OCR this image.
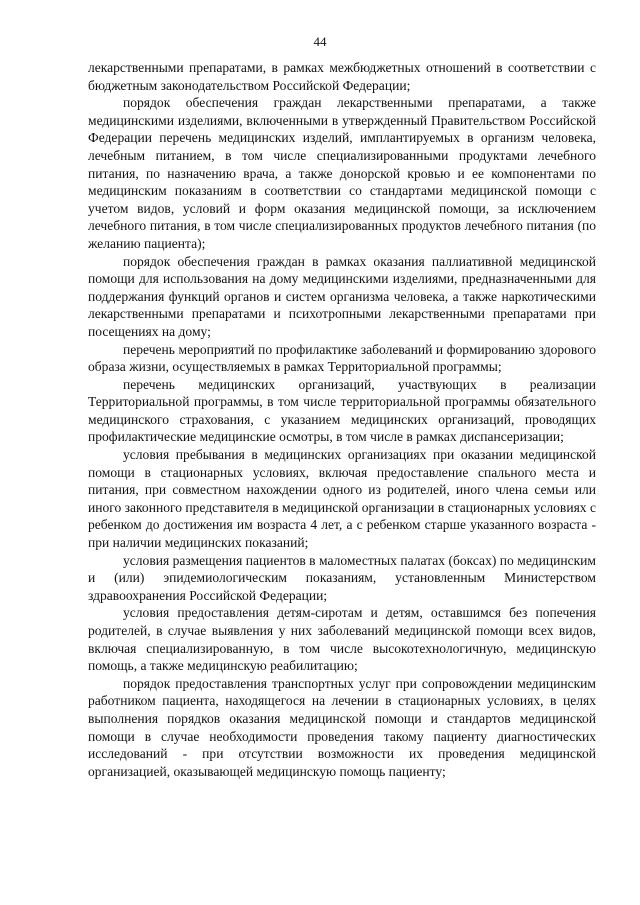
44

лекарственными препаратами, в рамках межбюджетных отношений в соответствии с бюджетным законодательством Российской Федерации;

порядок обеспечения граждан лекарственными препаратами, а также медицинскими изделиями, включенными в утвержденный Правительством Российской Федерации перечень медицинских изделий, имплантируемых в организм человека, лечебным питанием, в том числе специализированными продуктами лечебного питания, по назначению врача, а также донорской кровью и ее компонентами по медицинским показаниям в соответствии со стандартами медицинской помощи с учетом видов, условий и форм оказания медицинской помощи, за исключением лечебного питания, в том числе специализированных продуктов лечебного питания (по желанию пациента);

порядок обеспечения граждан в рамках оказания паллиативной медицинской помощи для использования на дому медицинскими изделиями, предназначенными для поддержания функций органов и систем организма человека, а также наркотическими лекарственными препаратами и психотропными лекарственными препаратами при посещениях на дому;

перечень мероприятий по профилактике заболеваний и формированию здорового образа жизни, осуществляемых в рамках Территориальной программы;

перечень медицинских организаций, участвующих в реализации Территориальной программы, в том числе территориальной программы обязательного медицинского страхования, с указанием медицинских организаций, проводящих профилактические медицинские осмотры, в том числе в рамках диспансеризации;

условия пребывания в медицинских организациях при оказании медицинской помощи в стационарных условиях, включая предоставление спального места и питания, при совместном нахождении одного из родителей, иного члена семьи или иного законного представителя в медицинской организации в стационарных условиях с ребенком до достижения им возраста 4 лет, а с ребенком старше указанного возраста - при наличии медицинских показаний;

условия размещения пациентов в маломестных палатах (боксах) по медицинским и (или) эпидемиологическим показаниям, установленным Министерством здравоохранения Российской Федерации;

условия предоставления детям-сиротам и детям, оставшимся без попечения родителей, в случае выявления у них заболеваний медицинской помощи всех видов, включая специализированную, в том числе высокотехнологичную, медицинскую помощь, а также медицинскую реабилитацию;

порядок предоставления транспортных услуг при сопровождении медицинским работником пациента, находящегося на лечении в стационарных условиях, в целях выполнения порядков оказания медицинской помощи и стандартов медицинской помощи в случае необходимости проведения такому пациенту диагностических исследований - при отсутствии возможности их проведения медицинской организацией, оказывающей медицинскую помощь пациенту;
